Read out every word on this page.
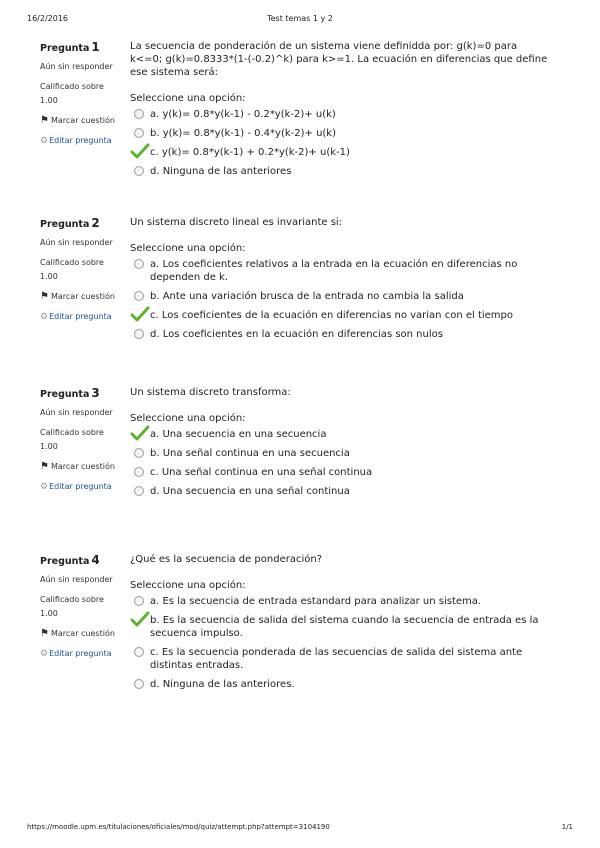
16/2/2016	Test temas 1 y 2
Pregunta 1
Aún sin responder
Calificado sobre 1.00
⚑ Marcar cuestión
⚙Editar pregunta

La secuencia de ponderación de un sistema viene definidda por: g(k)=0 para k<=0; g(k)=0.8333*(1-(-0.2)^k) para k>=1. La ecuación en diferencias que define ese sistema será:

Seleccione una opción:
a. y(k)= 0.8*y(k-1) - 0.2*y(k-2)+ u(k)
b. y(k)= 0.8*y(k-1) - 0.4*y(k-2)+ u(k)
c. y(k)= 0.8*y(k-1) + 0.2*y(k-2)+ u(k-1)
d. Ninguna de las anteriores
Pregunta 2
Aún sin responder
Calificado sobre 1.00
⚑ Marcar cuestión
⚙Editar pregunta

Un sistema discreto lineal es invariante si:

Seleccione una opción:
a. Los coeficientes relativos a la entrada en la ecuación en diferencias no dependen de k.
b. Ante una variación brusca de la entrada no cambia la salida
c. Los coeficientes de la ecuación en diferencias no varian con el tiempo
d. Los coeficientes en la ecuación en diferencias son nulos
Pregunta 3
Aún sin responder
Calificado sobre 1.00
⚑ Marcar cuestión
⚙Editar pregunta

Un sistema discreto transforma:

Seleccione una opción:
a. Una secuencia en una secuencia
b. Una señal continua en una secuencia
c. Una señal continua en una señal continua
d. Una secuencia en una señal continua
Pregunta 4
Aún sin responder
Calificado sobre 1.00
⚑ Marcar cuestión
⚙Editar pregunta

¿Qué es la secuencia de ponderación?

Seleccione una opción:
a. Es la secuencia de entrada estandard para analizar un sistema.
b. Es la secuencia de salida del sistema cuando la secuencia de entrada es la secuenca impulso.
c. Es la secuencia ponderada de las secuencias de salida del sistema ante distintas entradas.
d. Ninguna de las anteriores.
https://moodle.upm.es/titulaciones/oficiales/mod/quiz/attempt.php?attempt=3104190	1/1
